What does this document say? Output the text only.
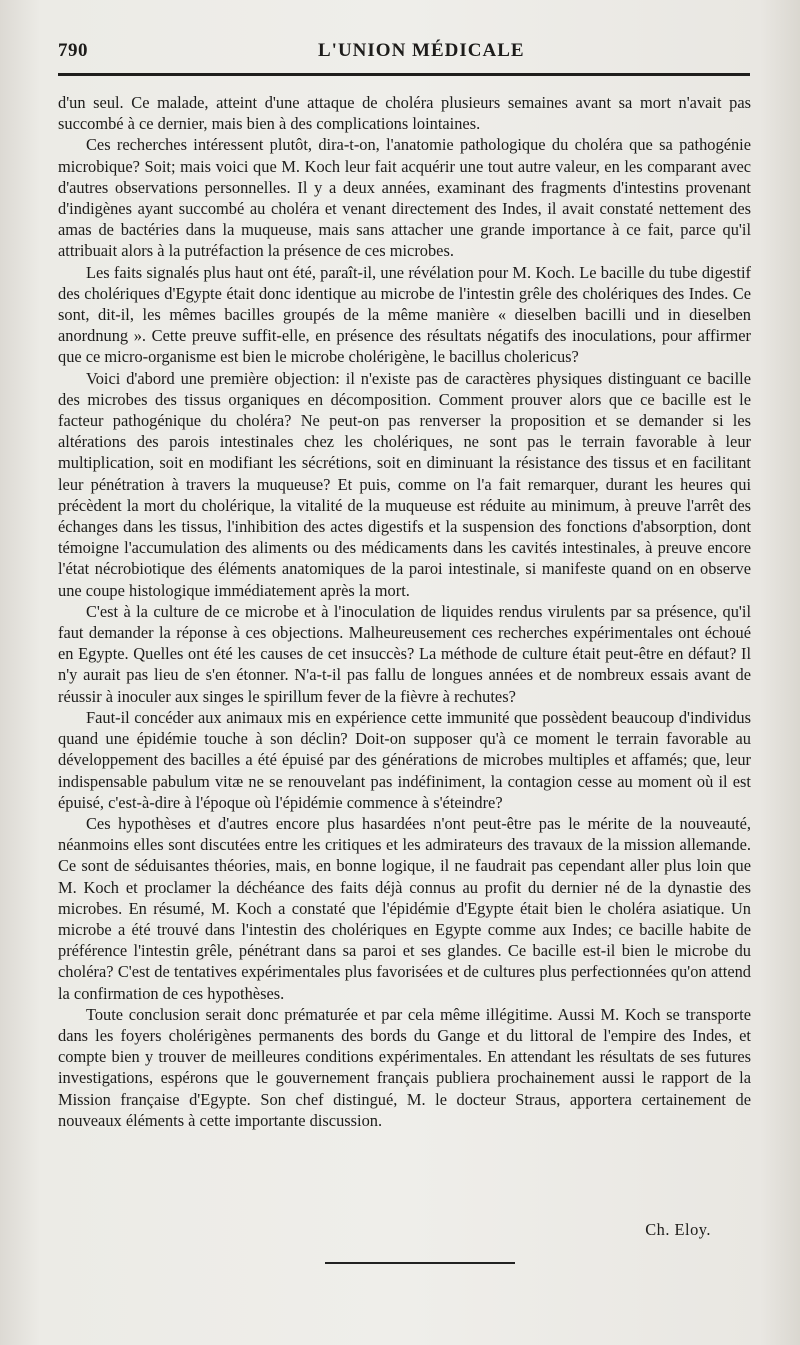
790	L'UNION MÉDICALE

d'un seul. Ce malade, atteint d'une attaque de choléra plusieurs semaines avant sa mort n'avait pas succombé à ce dernier, mais bien à des complications lointaines.

Ces recherches intéressent plutôt, dira-t-on, l'anatomie pathologique du choléra que sa pathogénie microbique? Soit; mais voici que M. Koch leur fait acquérir une tout autre valeur, en les comparant avec d'autres observations personnelles. Il y a deux années, examinant des fragments d'intestins provenant d'indigènes ayant succombé au choléra et venant directement des Indes, il avait constaté nettement des amas de bactéries dans la muqueuse, mais sans attacher une grande importance à ce fait, parce qu'il attribuait alors à la putréfaction la présence de ces microbes.

Les faits signalés plus haut ont été, paraît-il, une révélation pour M. Koch. Le bacille du tube digestif des cholériques d'Egypte était donc identique au microbe de l'intestin grêle des cholériques des Indes. Ce sont, dit-il, les mêmes bacilles groupés de la même manière « dieselben bacilli und in dieselben anordnung ». Cette preuve suffit-elle, en présence des résultats négatifs des inoculations, pour affirmer que ce micro-organisme est bien le microbe cholérigène, le bacillus cholericus?

Voici d'abord une première objection: il n'existe pas de caractères physiques distinguant ce bacille des microbes des tissus organiques en décomposition. Comment prouver alors que ce bacille est le facteur pathogénique du choléra? Ne peut-on pas renverser la proposition et se demander si les altérations des parois intestinales chez les cholériques, ne sont pas le terrain favorable à leur multiplication, soit en modifiant les sécrétions, soit en diminuant la résistance des tissus et en facilitant leur pénétration à travers la muqueuse? Et puis, comme on l'a fait remarquer, durant les heures qui précèdent la mort du cholérique, la vitalité de la muqueuse est réduite au minimum, à preuve l'arrêt des échanges dans les tissus, l'inhibition des actes digestifs et la suspension des fonctions d'absorption, dont témoigne l'accumulation des aliments ou des médicaments dans les cavités intestinales, à preuve encore l'état nécrobiotique des éléments anatomiques de la paroi intestinale, si manifeste quand on en observe une coupe histologique immédiatement après la mort.

C'est à la culture de ce microbe et à l'inoculation de liquides rendus virulents par sa présence, qu'il faut demander la réponse à ces objections. Malheureusement ces recherches expérimentales ont échoué en Egypte. Quelles ont été les causes de cet insuccès? La méthode de culture était peut-être en défaut? Il n'y aurait pas lieu de s'en étonner. N'a-t-il pas fallu de longues années et de nombreux essais avant de réussir à inoculer aux singes le spirillum fever de la fièvre à rechutes?

Faut-il concéder aux animaux mis en expérience cette immunité que possèdent beaucoup d'individus quand une épidémie touche à son déclin? Doit-on supposer qu'à ce moment le terrain favorable au développement des bacilles a été épuisé par des générations de microbes multiples et affamés; que, leur indispensable pabulum vitæ ne se renouvelant pas indéfiniment, la contagion cesse au moment où il est épuisé, c'est-à-dire à l'époque où l'épidémie commence à s'éteindre?

Ces hypothèses et d'autres encore plus hasardées n'ont peut-être pas le mérite de la nouveauté, néanmoins elles sont discutées entre les critiques et les admirateurs des travaux de la mission allemande. Ce sont de séduisantes théories, mais, en bonne logique, il ne faudrait pas cependant aller plus loin que M. Koch et proclamer la déchéance des faits déjà connus au profit du dernier né de la dynastie des microbes. En résumé, M. Koch a constaté que l'épidémie d'Egypte était bien le choléra asiatique. Un microbe a été trouvé dans l'intestin des cholériques en Egypte comme aux Indes; ce bacille habite de préférence l'intestin grêle, pénétrant dans sa paroi et ses glandes. Ce bacille est-il bien le microbe du choléra? C'est de tentatives expérimentales plus favorisées et de cultures plus perfectionnées qu'on attend la confirmation de ces hypothèses.

Toute conclusion serait donc prématurée et par cela même illégitime. Aussi M. Koch se transporte dans les foyers cholérigènes permanents des bords du Gange et du littoral de l'empire des Indes, et compte bien y trouver de meilleures conditions expérimentales. En attendant les résultats de ses futures investigations, espérons que le gouvernement français publiera prochainement aussi le rapport de la Mission française d'Egypte. Son chef distingué, M. le docteur Straus, apportera certainement de nouveaux éléments à cette importante discussion.

Ch. Eloy.
